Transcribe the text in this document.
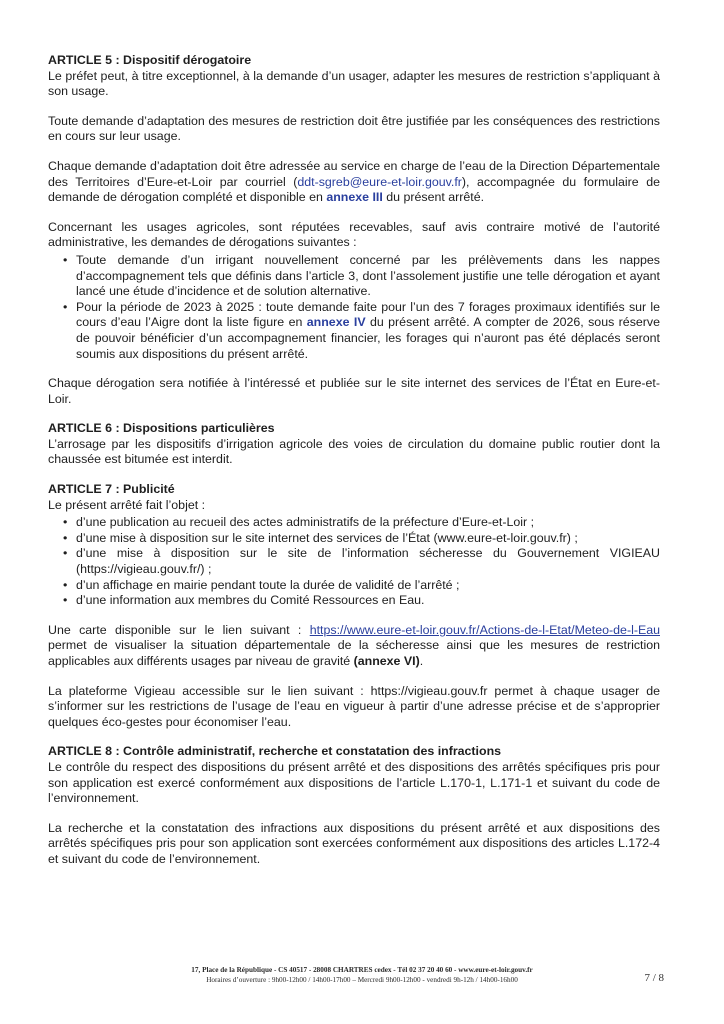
ARTICLE 5 : Dispositif dérogatoire

Le préfet peut, à titre exceptionnel, à la demande d’un usager, adapter les mesures de restriction s’appliquant à son usage.

Toute demande d’adaptation des mesures de restriction doit être justifiée par les conséquences des restrictions en cours sur leur usage.

Chaque demande d’adaptation doit être adressée au service en charge de l’eau de la Direction Départementale des Territoires d’Eure-et-Loir par courriel (ddt-sgreb@eure-et-loir.gouv.fr), accompagnée du formulaire de demande de dérogation complété et disponible en annexe III du présent arrêté.

Concernant les usages agricoles, sont réputées recevables, sauf avis contraire motivé de l’autorité administrative, les demandes de dérogations suivantes :

• Toute demande d’un irrigant nouvellement concerné par les prélèvements dans les nappes d’accompagnement tels que définis dans l’article 3, dont l’assolement justifie une telle dérogation et ayant lancé une étude d’incidence et de solution alternative.
• Pour la période de 2023 à 2025 : toute demande faite pour l’un des 7 forages proximaux identifiés sur le cours d’eau l’Aigre dont la liste figure en annexe IV du présent arrêté. A compter de 2026, sous réserve de pouvoir bénéficier d’un accompagnement financier, les forages qui n’auront pas été déplacés seront soumis aux dispositions du présent arrêté.

Chaque dérogation sera notifiée à l’intéressé et publiée sur le site internet des services de l’État en Eure-et-Loir.

ARTICLE 6 : Dispositions particulières

L’arrosage par les dispositifs d’irrigation agricole des voies de circulation du domaine public routier dont la chaussée est bitumée est interdit.

ARTICLE 7 : Publicité

Le présent arrêté fait l’objet :

• d’une publication au recueil des actes administratifs de la préfecture d’Eure-et-Loir ;
• d’une mise à disposition sur le site internet des services de l’État (www.eure-et-loir.gouv.fr) ;
• d’une mise à disposition sur le site de l’information sécheresse du Gouvernement VIGIEAU (https://vigieau.gouv.fr/) ;
• d’un affichage en mairie pendant toute la durée de validité de l’arrêté ;
• d’une information aux membres du Comité Ressources en Eau.

Une carte disponible sur le lien suivant : https://www.eure-et-loir.gouv.fr/Actions-de-l-Etat/Meteo-de-l-Eau permet de visualiser la situation départementale de la sécheresse ainsi que les mesures de restriction applicables aux différents usages par niveau de gravité (annexe VI).

La plateforme Vigieau accessible sur le lien suivant : https://vigieau.gouv.fr permet à chaque usager de s’informer sur les restrictions de l’usage de l’eau en vigueur à partir d’une adresse précise et de s’approprier quelques éco-gestes pour économiser l’eau.

ARTICLE 8 : Contrôle administratif, recherche et constatation des infractions

Le contrôle du respect des dispositions du présent arrêté et des dispositions des arrêtés spécifiques pris pour son application est exercé conformément aux dispositions de l’article L.170-1, L.171-1 et suivant du code de l’environnement.

La recherche et la constatation des infractions aux dispositions du présent arrêté et aux dispositions des arrêtés spécifiques pris pour son application sont exercées conformément aux dispositions des articles L.172-4 et suivant du code de l’environnement.

17, Place de la République - CS 40517 - 28008 CHARTRES cedex - Tél 02 37 20 40 60 - www.eure-et-loir.gouv.fr
Horaires d’ouverture : 9h00-12h00 / 14h00-17h00 – Mercredi 9h00-12h00 - vendredi 9h-12h / 14h00-16h00	7 / 8
